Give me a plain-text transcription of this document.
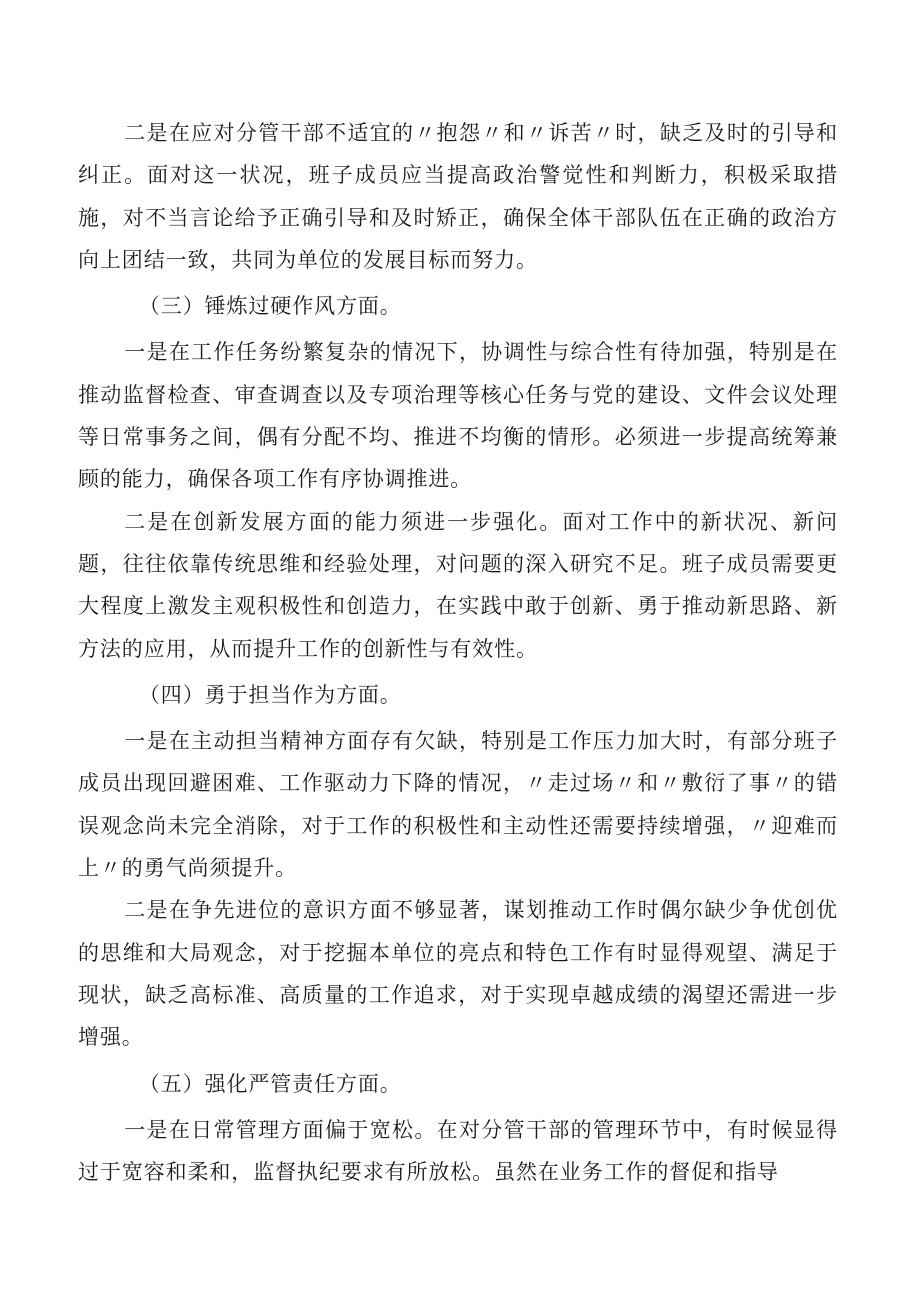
二是在应对分管干部不适宜的〃抱怨〃和〃诉苦〃时，缺乏及时的引导和纠正。面对这一状况，班子成员应当提高政治警觉性和判断力，积极采取措施，对不当言论给予正确引导和及时矫正，确保全体干部队伍在正确的政治方向上团结一致，共同为单位的发展目标而努力。

（三）锤炼过硬作风方面。

一是在工作任务纷繁复杂的情况下，协调性与综合性有待加强，特别是在推动监督检查、审查调查以及专项治理等核心任务与党的建设、文件会议处理等日常事务之间，偶有分配不均、推进不均衡的情形。必须进一步提高统筹兼顾的能力，确保各项工作有序协调推进。

二是在创新发展方面的能力须进一步强化。面对工作中的新状况、新问题，往往依靠传统思维和经验处理，对问题的深入研究不足。班子成员需要更大程度上激发主观积极性和创造力，在实践中敢于创新、勇于推动新思路、新方法的应用，从而提升工作的创新性与有效性。

（四）勇于担当作为方面。

一是在主动担当精神方面存有欠缺，特别是工作压力加大时，有部分班子成员出现回避困难、工作驱动力下降的情况，〃走过场〃和〃敷衍了事〃的错误观念尚未完全消除，对于工作的积极性和主动性还需要持续增强，〃迎难而上〃的勇气尚须提升。

二是在争先进位的意识方面不够显著，谋划推动工作时偶尔缺少争优创优的思维和大局观念，对于挖掘本单位的亮点和特色工作有时显得观望、满足于现状，缺乏高标准、高质量的工作追求，对于实现卓越成绩的渴望还需进一步增强。

（五）强化严管责任方面。

一是在日常管理方面偏于宽松。在对分管干部的管理环节中，有时候显得过于宽容和柔和，监督执纪要求有所放松。虽然在业务工作的督促和指导
